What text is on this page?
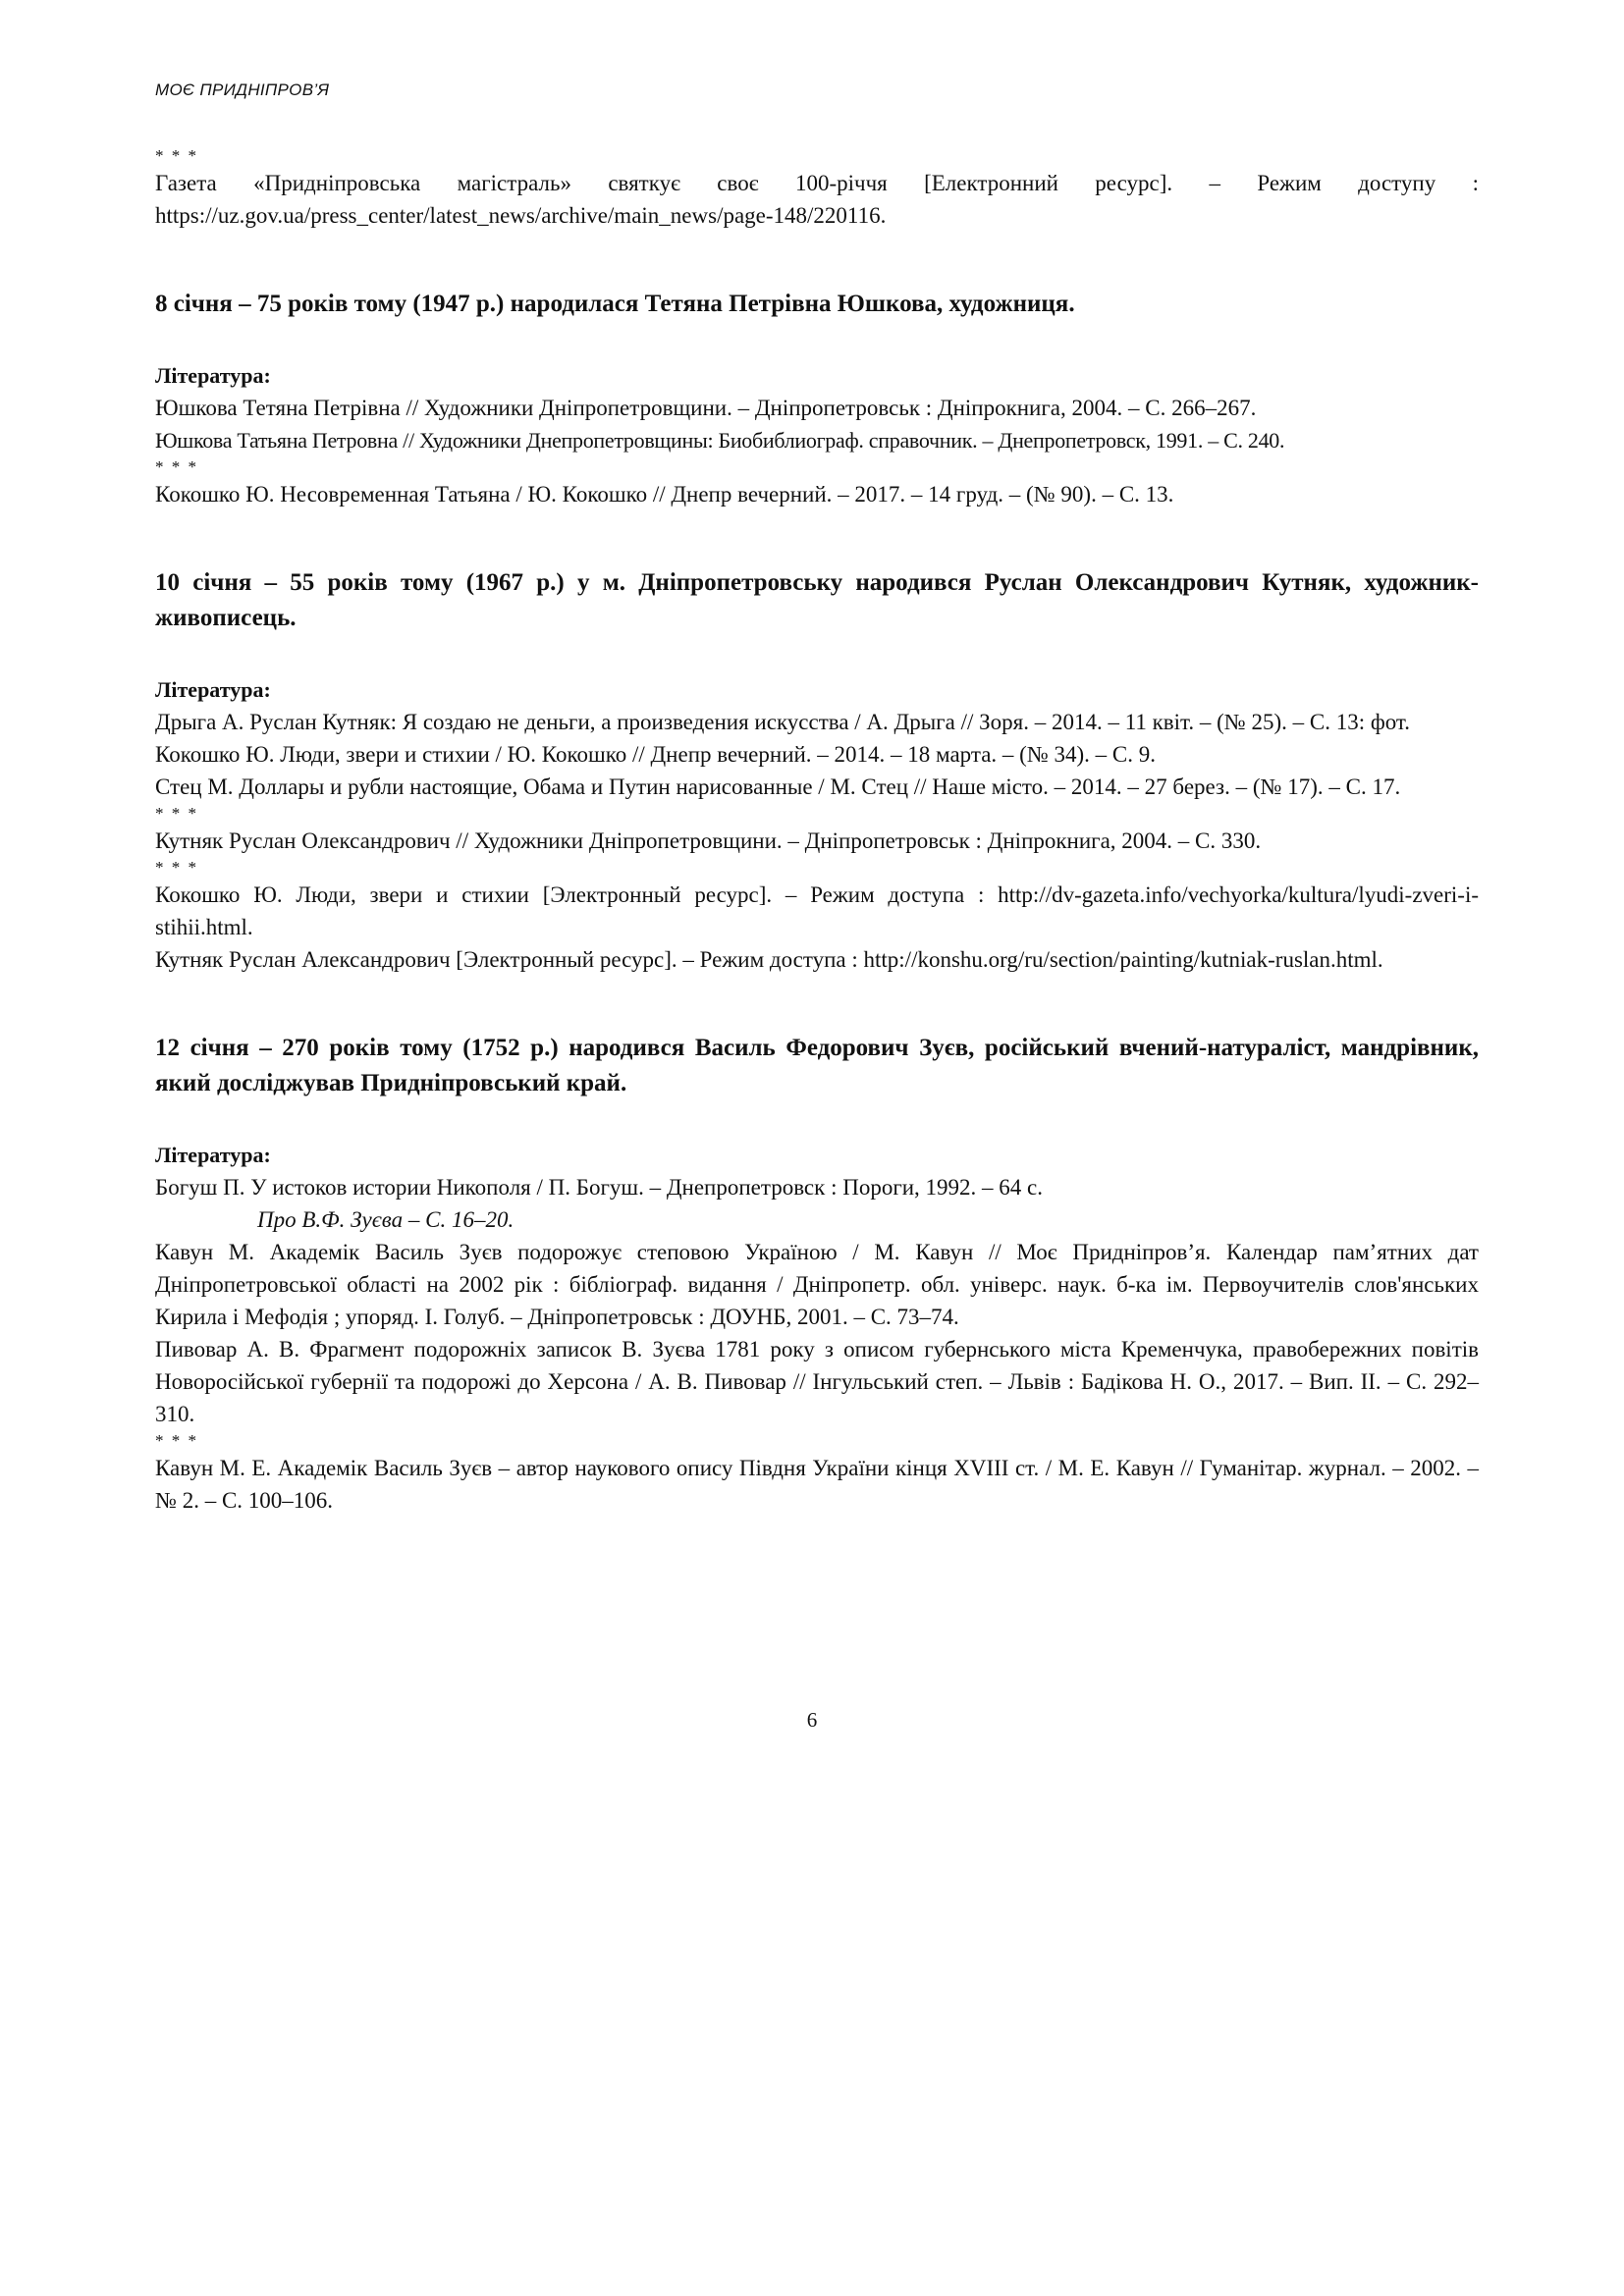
МОЄ ПРИДНІПРОВ’Я
* * *

Газета «Придніпровська магістраль» святкує своє 100-річчя [Електронний ресурс]. – Режим доступу : https://uz.gov.ua/press_center/latest_news/archive/main_news/page-148/220116.

8 січня – 75 років тому (1947 р.) народилася Тетяна Петрівна Юшкова, художниця.

Література:

Юшкова Тетяна Петрівна // Художники Дніпропетровщини. – Дніпропетровськ : Дніпрокнига, 2004. – С. 266–267.

Юшкова Татьяна Петровна // Художники Днепропетровщины: Биобиблиограф. справочник. – Днепропетровск, 1991. – С. 240.

* * *

Кокошко Ю. Несовременная Татьяна / Ю. Кокошко // Днепр вечерний. – 2017. – 14 груд. – (№ 90). – С. 13.

10 січня – 55 років тому (1967 р.) у м. Дніпропетровську народився Руслан Олександрович Кутняк, художник-живописець.

Література:

Дрыга А. Руслан Кутняк: Я создаю не деньги, а произведения искусства / А. Дрыга // Зоря. – 2014. – 11 квіт. – (№ 25). – С. 13: фот.

Кокошко Ю. Люди, звери и стихии / Ю. Кокошко // Днепр вечерний. – 2014. – 18 марта. – (№ 34). – С. 9.

Стец М. Доллары и рубли настоящие, Обама и Путин нарисованные / М. Стец // Наше місто. – 2014. – 27 берез. – (№ 17). – С. 17.

* * *

Кутняк Руслан Олександрович // Художники Дніпропетровщини. – Дніпропетровськ : Дніпрокнига, 2004. – С. 330.

* * *

Кокошко Ю. Люди, звери и стихии [Электронный ресурс]. – Режим доступа : http://dv-gazeta.info/vechyorka/kultura/lyudi-zveri-i-stihii.html.

Кутняк Руслан Александрович [Электронный ресурс]. – Режим доступа : http://konshu.org/ru/section/painting/kutniak-ruslan.html.

12 січня – 270 років тому (1752 р.) народився Василь Федорович Зуєв, російський вчений-натураліст, мандрівник, який досліджував Придніпровський край.

Література:

Богуш П. У истоков истории Никополя / П. Богуш. – Днепропетровск : Пороги, 1992. – 64 с.

Про В.Ф. Зуєва – С. 16–20.

Кавун М. Академік Василь Зуєв подорожує степовою Україною / М. Кавун // Моє Придніпров’я. Календар пам’ятних дат Дніпропетровської області на 2002 рік : бібліограф. видання / Дніпропетр. обл. універс. наук. б-ка ім. Первоучителів слов'янських Кирила і Мефодія ; упоряд. І. Голуб. – Дніпропетровськ : ДОУНБ, 2001. – С. 73–74.

Пивовар А. В. Фрагмент подорожніх записок В. Зуєва 1781 року з описом губернського міста Кременчука, правобережних повітів Новоросійської губернії та подорожі до Херсона / А. В. Пивовар // Інгульський степ. – Львів : Бадікова Н. О., 2017. – Вип. ІІ. – С. 292–310.

* * *

Кавун М. Е. Академік Василь Зуєв – автор наукового опису Півдня України кінця XVIII ст. / М. Е. Кавун // Гуманітар. журнал. – 2002. – № 2. – С. 100–106.

6
